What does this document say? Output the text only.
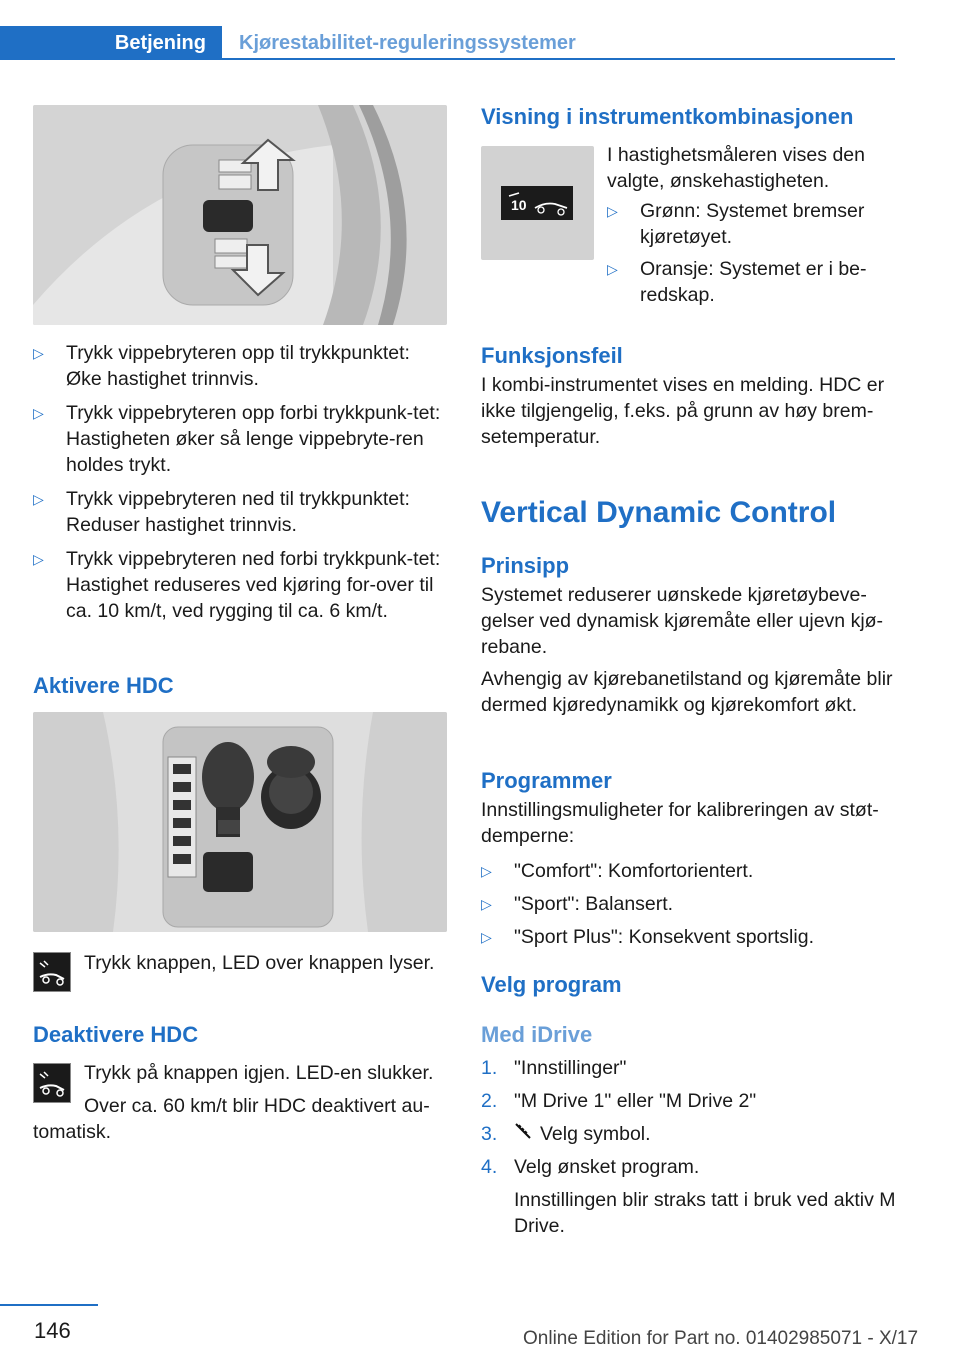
Betjening	Kjørestabilitet-reguleringssystemer
▷ Trykk vippebryteren opp til trykkpunktet: Øke hastighet trinnvis.
▷ Trykk vippebryteren opp forbi trykkpunk-tet: Hastigheten øker så lenge vippebryte-ren holdes trykt.
▷ Trykk vippebryteren ned til trykkpunktet: Reduser hastighet trinnvis.
▷ Trykk vippebryteren ned forbi trykkpunk-tet: Hastighet reduseres ved kjøring for-over til ca. 10 km/t, ved rygging til ca. 6 km/t.
Aktivere HDC
Trykk knappen, LED over knappen lyser.
Deaktivere HDC
Trykk på knappen igjen. LED-en slukker.
Over ca. 60 km/t blir HDC deaktivert au-tomatisk.
Visning i instrumentkombinasjonen
10
I hastighetsmåleren vises den valgte, ønskehastigheten.
▷ Grønn: Systemet bremser kjøretøyet.
▷ Oransje: Systemet er i be-redskap.
Funksjonsfeil
I kombi-instrumentet vises en melding. HDC er ikke tilgjengelig, f.eks. på grunn av høy brem-setemperatur.
Vertical Dynamic Control
Prinsipp
Systemet reduserer uønskede kjøretøybeve-gelser ved dynamisk kjøremåte eller ujevn kjø-rebane.
Avhengig av kjørebanetilstand og kjøremåte blir dermed kjøredynamikk og kjørekomfort økt.
Programmer
Innstillingsmuligheter for kalibreringen av støt-demperne:
▷ "Comfort": Komfortorientert.
▷ "Sport": Balansert.
▷ "Sport Plus": Konsekvent sportslig.
Velg program
Med iDrive
1. "Innstillinger"
2. "M Drive 1" eller "M Drive 2"
3. Velg symbol.
4. Velg ønsket program.
Innstillingen blir straks tatt i bruk ved aktiv M Drive.
146	Online Edition for Part no. 01402985071 - X/17
